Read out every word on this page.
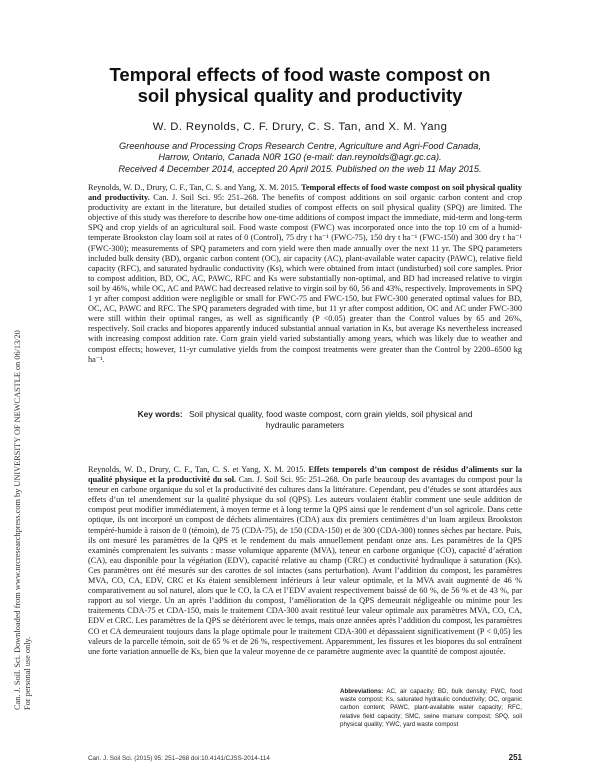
Can. J. Soil. Sci. Downloaded from www.nrcresearchpress.com by UNIVERSITY OF NEWCASTLE on 06/13/20 For personal use only.
Temporal effects of food waste compost on
soil physical quality and productivity
W. D. Reynolds, C. F. Drury, C. S. Tan, and X. M. Yang
Greenhouse and Processing Crops Research Centre, Agriculture and Agri-Food Canada,
Harrow, Ontario, Canada N0R 1G0 (e-mail: dan.reynolds@agr.gc.ca).
Received 4 December 2014, accepted 20 April 2015. Published on the web 11 May 2015.
Reynolds, W. D., Drury, C. F., Tan, C. S. and Yang, X. M. 2015. Temporal effects of food waste compost on soil physical quality and productivity. Can. J. Soil Sci. 95: 251–268. The benefits of compost additions on soil organic carbon content and crop productivity are extant in the literature, but detailed studies of compost effects on soil physical quality (SPQ) are limited. The objective of this study was therefore to describe how one-time additions of compost impact the immediate, mid-term and long-term SPQ and crop yields of an agricultural soil. Food waste compost (FWC) was incorporated once into the top 10 cm of a humid-temperate Brookston clay loam soil at rates of 0 (Control), 75 dry t ha⁻¹ (FWC-75), 150 dry t ha⁻¹ (FWC-150) and 300 dry t ha⁻¹ (FWC-300); measurements of SPQ parameters and corn yield were then made annually over the next 11 yr. The SPQ parameters included bulk density (BD), organic carbon content (OC), air capacity (AC), plant-available water capacity (PAWC), relative field capacity (RFC), and saturated hydraulic conductivity (Ks), which were obtained from intact (undisturbed) soil core samples. Prior to compost addition, BD, OC, AC, PAWC, RFC and Ks were substantially non-optimal, and BD had increased relative to virgin soil by 46%, while OC, AC and PAWC had decreased relative to virgin soil by 60, 56 and 43%, respectively. Improvements in SPQ 1 yr after compost addition were negligible or small for FWC-75 and FWC-150, but FWC-300 generated optimal values for BD, OC, AC, PAWC and RFC. The SPQ parameters degraded with time, but 11 yr after compost addition, OC and AC under FWC-300 were still within their optimal ranges, as well as significantly (P <0.05) greater than the Control values by 65 and 26%, respectively. Soil cracks and biopores apparently induced substantial annual variation in Ks, but average Ks nevertheless increased with increasing compost addition rate. Corn grain yield varied substantially among years, which was likely due to weather and compost effects; however, 11-yr cumulative yields from the compost treatments were greater than the Control by 2200–6500 kg ha⁻¹.
Key words: Soil physical quality, food waste compost, corn grain yields, soil physical and
hydraulic parameters
Reynolds, W. D., Drury, C. F., Tan, C. S. et Yang, X. M. 2015. Effets temporels d’un compost de résidus d’aliments sur la qualité physique et la productivité du sol. Can. J. Soil Sci. 95: 251–268. On parle beaucoup des avantages du compost pour la teneur en carbone organique du sol et la productivité des cultures dans la littérature. Cependant, peu d’études se sont attardées aux effets d’un tel amendement sur la qualité physique du sol (QPS). Les auteurs voulaient établir comment une seule addition de compost peut modifier immédiatement, à moyen terme et à long terme la QPS ainsi que le rendement d’un sol agricole. Dans cette optique, ils ont incorporé un compost de déchets alimentaires (CDA) aux dix premiers centimètres d’un loam argileux Brookston tempéré-humide à raison de 0 (témoin), de 75 (CDA-75), de 150 (CDA-150) et de 300 (CDA-300) tonnes sèches par hectare. Puis, ils ont mesuré les paramètres de la QPS et le rendement du maïs annuellement pendant onze ans. Les paramètres de la QPS examinés comprenaient les suivants : masse volumique apparente (MVA), teneur en carbone organique (CO), capacité d’aération (CA), eau disponible pour la végétation (EDV), capacité relative au champ (CRC) et conductivité hydraulique à saturation (Ks). Ces paramètres ont été mesurés sur des carottes de sol intactes (sans perturbation). Avant l’addition du compost, les paramètres MVA, CO, CA, EDV, CRC et Ks étaient sensiblement inférieurs à leur valeur optimale, et la MVA avait augmenté de 46 % comparativement au sol naturel, alors que le CO, la CA et l’EDV avaient respectivement baissé de 60 %, de 56 % et de 43 %, par rapport au sol vierge. Un an après l’addition du compost, l’amélioration de la QPS demeurait négligeable ou minime pour les traitements CDA-75 et CDA-150, mais le traitement CDA-300 avait restitué leur valeur optimale aux paramètres MVA, CO, CA, EDV et CRC. Les paramètres de la QPS se détériorent avec le temps, mais onze années après l’addition du compost, les paramètres CO et CA demeuraient toujours dans la plage optimale pour le traitement CDA-300 et dépassaient significativement (P < 0,05) les valeurs de la parcelle témoin, soit de 65 % et de 26 %, respectivement. Apparemment, les fissures et les biopores du sol entraînent une forte variation annuelle de Ks, bien que la valeur moyenne de ce paramètre augmente avec la quantité de compost ajoutée.
Abbreviations: AC, air capacity; BD, bulk density; FWC, food waste compost; Ks, saturated hydraulic conductivity; OC, organic carbon content; PAWC, plant-available water capacity; RFC, relative field capacity; SMC, swine manure compost; SPQ, soil physical quality; YWC, yard waste compost
Can. J. Soil Sci. (2015) 95: 251–268 doi:10.4141/CJSS-2014-114	251
